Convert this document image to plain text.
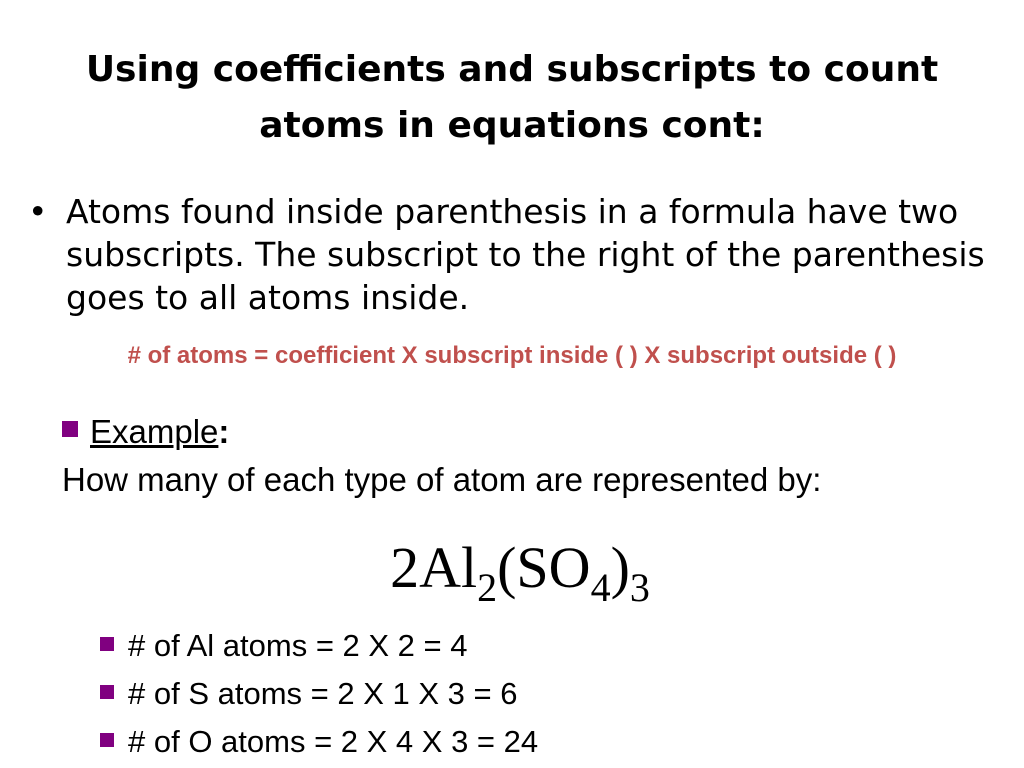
Using coefficients and subscripts to count
atoms in equations cont:
• Atoms found inside parenthesis in a formula have two subscripts. The subscript to the right of the parenthesis goes to all atoms inside.
# of atoms = coefficient X subscript inside ( ) X subscript outside ( )
Example:
How many of each type of atom are represented by:
$2Al_2(SO_4)_3$
# of Al atoms = 2 X 2 = 4
# of S atoms = 2 X 1 X 3 = 6
# of O atoms = 2 X 4 X 3 = 24
